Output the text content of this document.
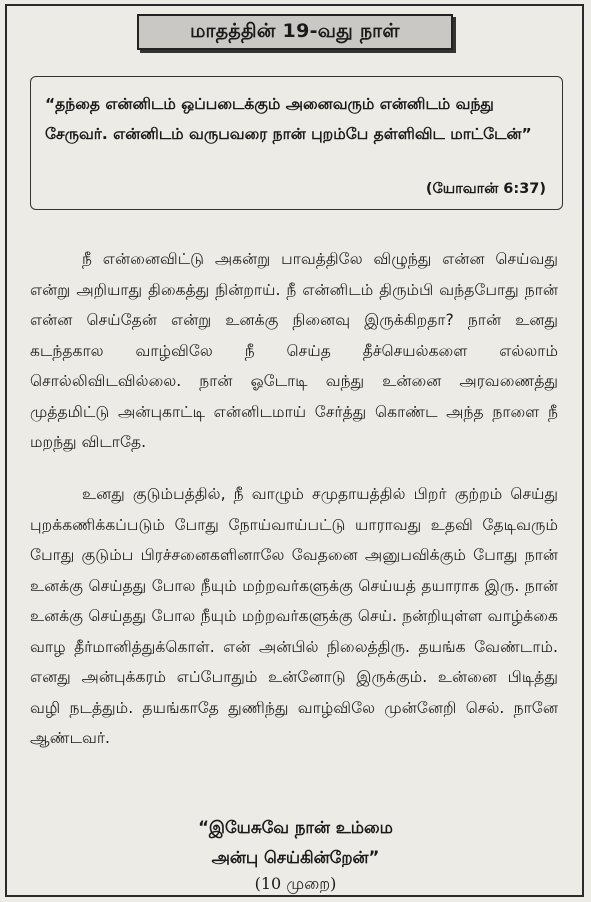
மாதத்தின் 19-வது நாள்

“தந்தை என்னிடம் ஒப்படைக்கும் அனைவரும் என்னிடம் வந்து சேருவர். என்னிடம் வருபவரை நான் புறம்பே தள்ளிவிட மாட்டேன்”

(யோவான் 6:37)

நீ என்னைவிட்டு அகன்று பாவத்திலே விழுந்து என்ன செய்வது என்று அறியாது திகைத்து நின்றாய். நீ என்னிடம் திரும்பி வந்தபோது நான் என்ன செய்தேன் என்று உனக்கு நினைவு இருக்கிறதா? நான் உனது கடந்தகால வாழ்விலே நீ செய்த தீச்செயல்களை எல்லாம் சொல்லிவிடவில்லை. நான் ஓடோடி வந்து உன்னை அரவணைத்து முத்தமிட்டு அன்புகாட்டி என்னிடமாய் சேர்த்து கொண்ட அந்த நாளை நீ மறந்து விடாதே.

உனது குடும்பத்தில், நீ வாழும் சமுதாயத்தில் பிறர் குற்றம் செய்து புறக்கணிக்கப்படும் போது நோய்வாய்பட்டு யாராவது உதவி தேடிவரும் போது குடும்ப பிரச்சனைகளினாலே வேதனை அனுபவிக்கும் போது நான் உனக்கு செய்தது போல நீயும் மற்றவர்களுக்கு செய்யத் தயாராக இரு. நான் உனக்கு செய்தது போல நீயும் மற்றவர்களுக்கு செய். நன்றியுள்ள வாழ்க்கை வாழ தீர்மானித்துக்கொள். என் அன்பில் நிலைத்திரு. தயங்க வேண்டாம். எனது அன்புக்கரம் எப்போதும் உன்னோடு இருக்கும். உன்னை பிடித்து வழி நடத்தும். தயங்காதே துணிந்து வாழ்விலே முன்னேறி செல். நானே ஆண்டவர்.

“இயேசுவே நான் உம்மை
அன்பு செய்கின்றேன்”
(10 முறை)
